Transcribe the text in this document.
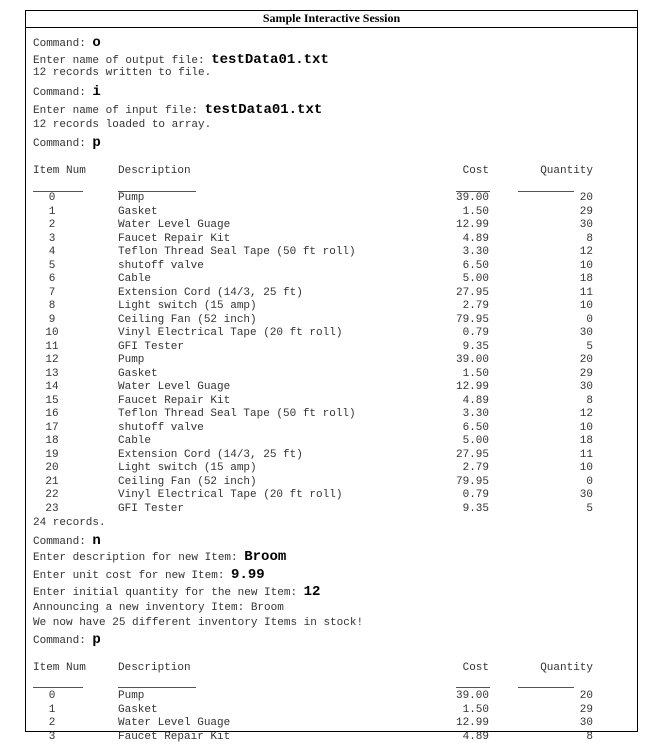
Sample Interactive Session
Command: o
Enter name of output file: testData01.txt
12 records written to file.
Command: i
Enter name of input file: testData01.txt
12 records loaded to array.
Command: p
Item Num	Description	Cost	Quantity
0	Pump	39.00	20
1	Gasket	1.50	29
2	Water Level Guage	12.99	30
3	Faucet Repair Kit	4.89	8
4	Teflon Thread Seal Tape (50 ft roll)	3.30	12
5	shutoff valve	6.50	10
6	Cable	5.00	18
7	Extension Cord (14/3, 25 ft)	27.95	11
8	Light switch (15 amp)	2.79	10
9	Ceiling Fan (52 inch)	79.95	0
10	Vinyl Electrical Tape (20 ft roll)	0.79	30
11	GFI Tester	9.35	5
12	Pump	39.00	20
13	Gasket	1.50	29
14	Water Level Guage	12.99	30
15	Faucet Repair Kit	4.89	8
16	Teflon Thread Seal Tape (50 ft roll)	3.30	12
17	shutoff valve	6.50	10
18	Cable	5.00	18
19	Extension Cord (14/3, 25 ft)	27.95	11
20	Light switch (15 amp)	2.79	10
21	Ceiling Fan (52 inch)	79.95	0
22	Vinyl Electrical Tape (20 ft roll)	0.79	30
23	GFI Tester	9.35	5
24 records.
Command: n
Enter description for new Item: Broom
Enter unit cost for new Item: 9.99
Enter initial quantity for the new Item: 12
Announcing a new inventory Item: Broom
We now have 25 different inventory Items in stock!
Command: p
Item Num	Description	Cost	Quantity
0	Pump	39.00	20
1	Gasket	1.50	29
2	Water Level Guage	12.99	30
3	Faucet Repair Kit	4.89	8
